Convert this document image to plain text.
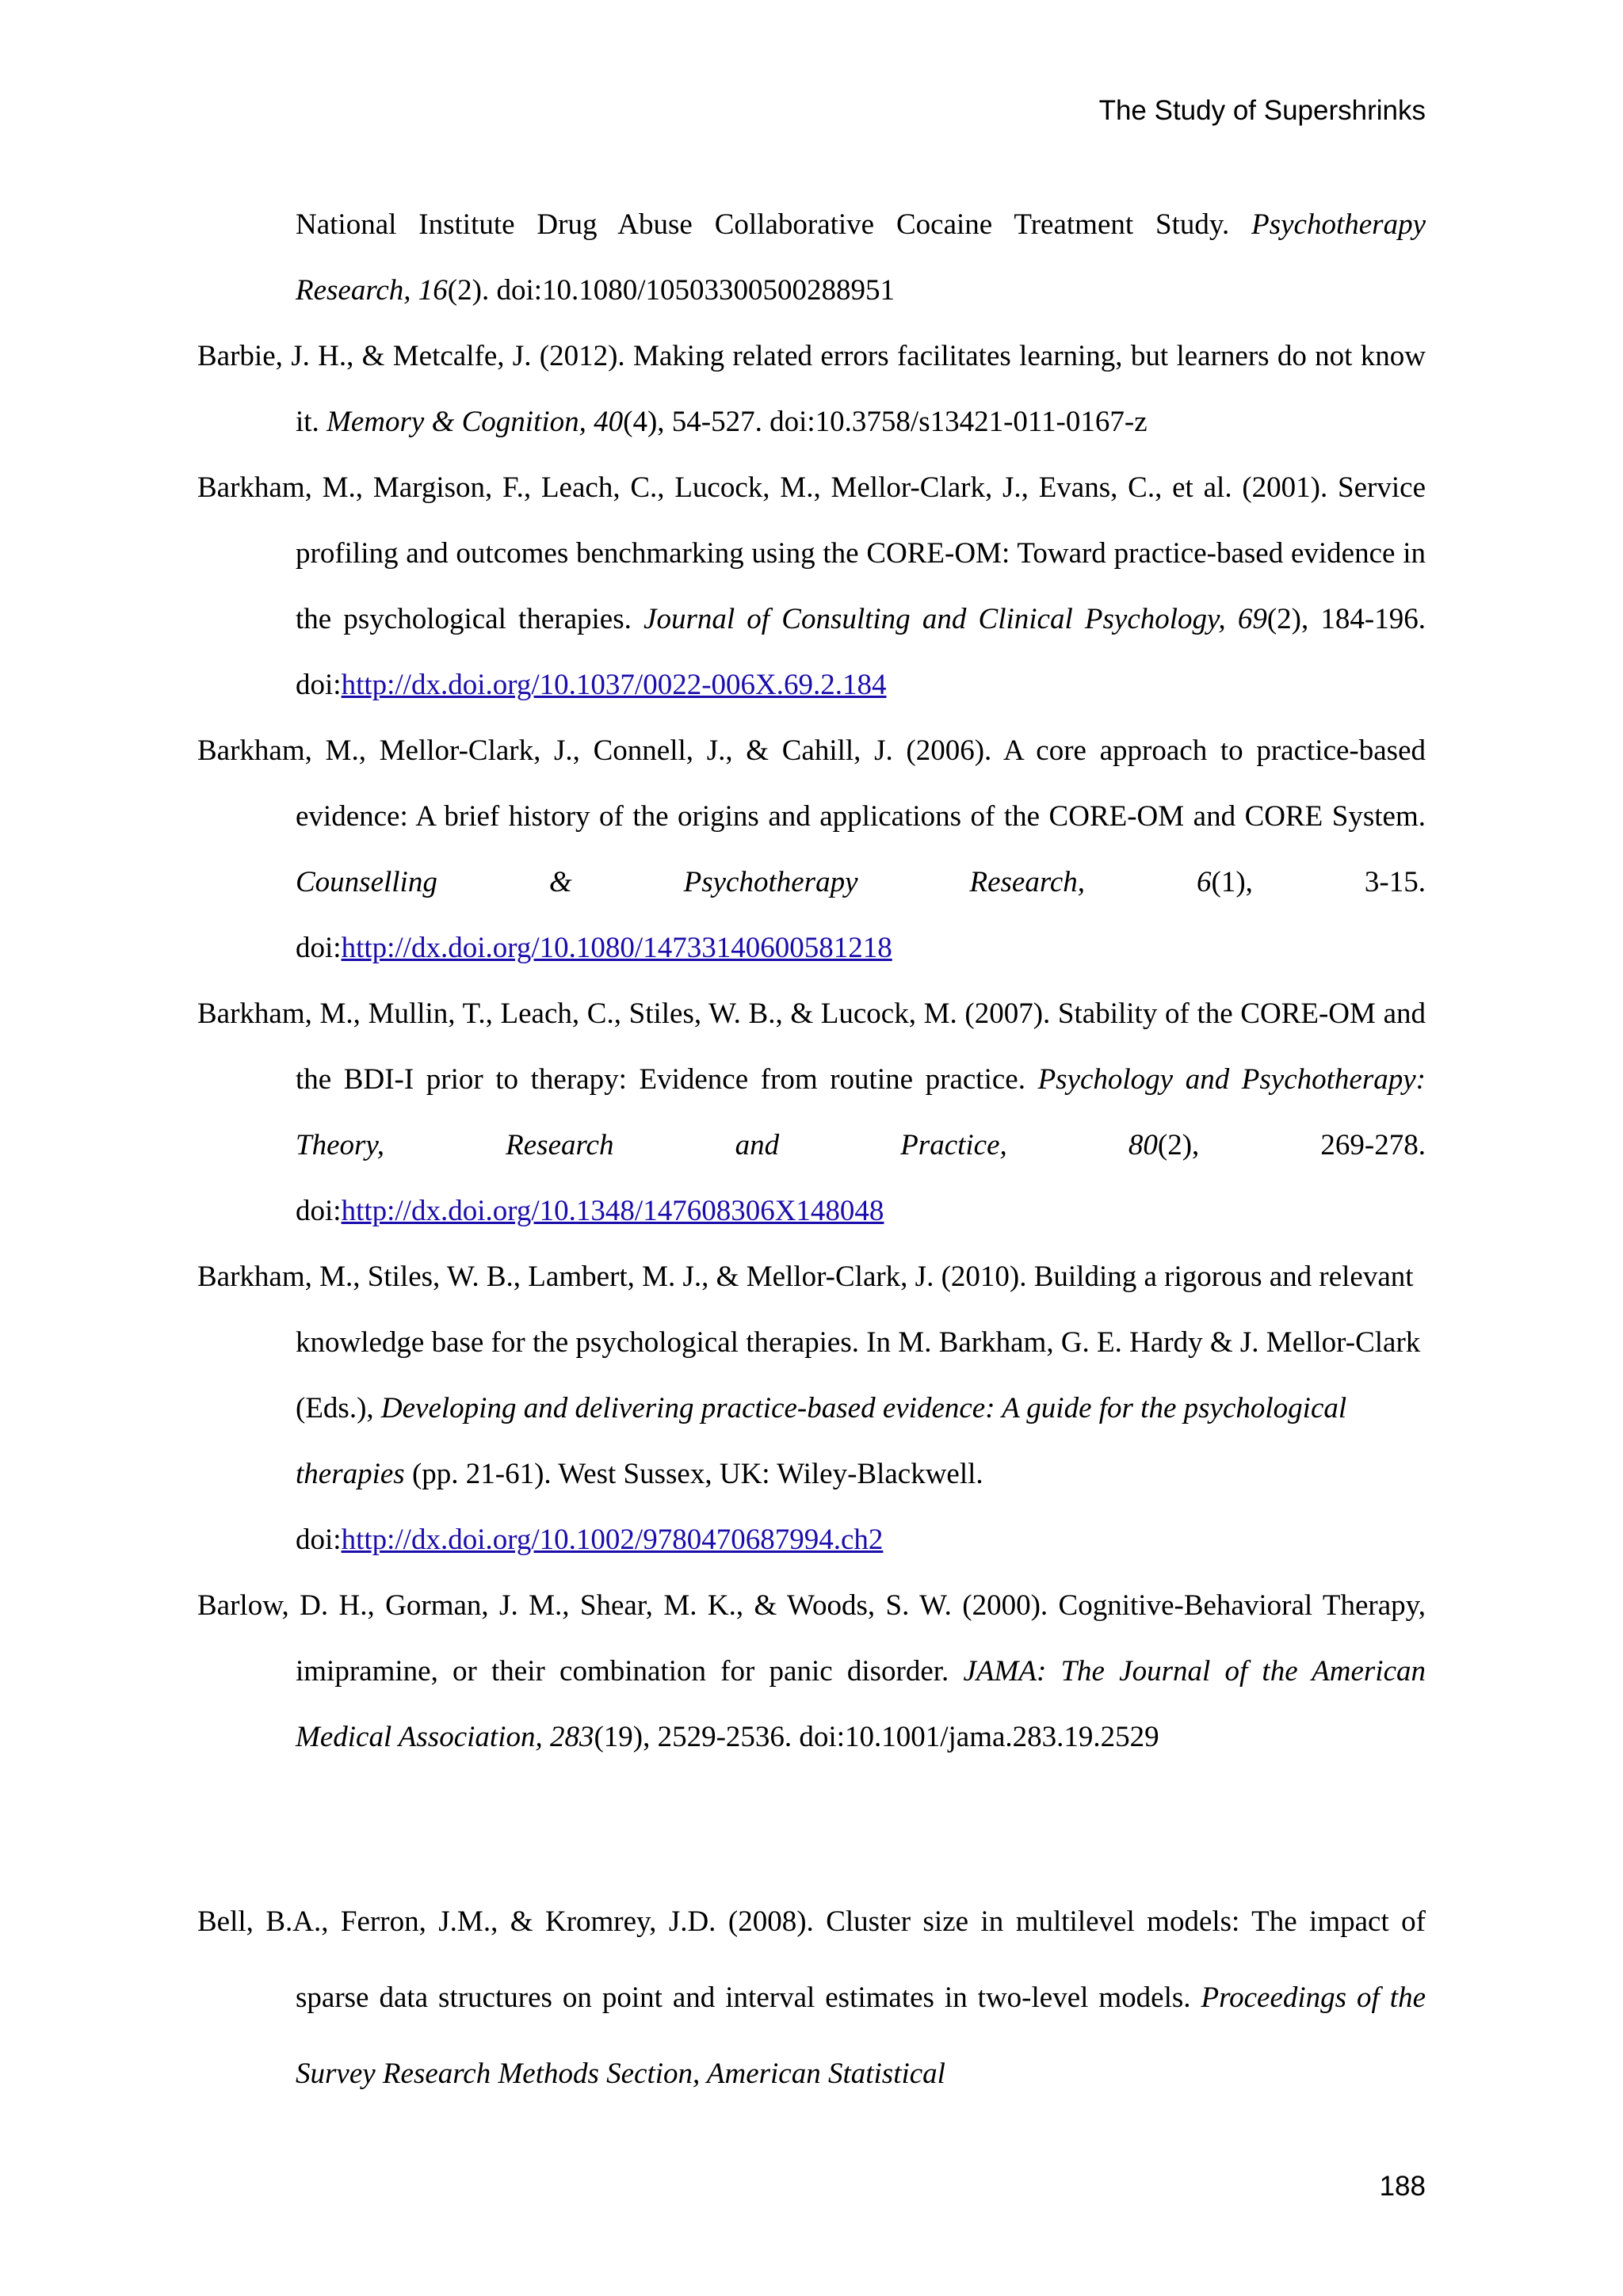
The Study of Supershrinks

National Institute Drug Abuse Collaborative Cocaine Treatment Study. Psychotherapy Research, 16(2). doi:10.1080/10503300500288951

Barbie, J. H., & Metcalfe, J. (2012). Making related errors facilitates learning, but learners do not know it. Memory & Cognition, 40(4), 54-527. doi:10.3758/s13421-011-0167-z

Barkham, M., Margison, F., Leach, C., Lucock, M., Mellor-Clark, J., Evans, C., et al. (2001). Service profiling and outcomes benchmarking using the CORE-OM: Toward practice-based evidence in the psychological therapies. Journal of Consulting and Clinical Psychology, 69(2), 184-196. doi:http://dx.doi.org/10.1037/0022-006X.69.2.184

Barkham, M., Mellor-Clark, J., Connell, J., & Cahill, J. (2006). A core approach to practice-based evidence: A brief history of the origins and applications of the CORE-OM and CORE System. Counselling & Psychotherapy Research, 6(1), 3-15. doi:http://dx.doi.org/10.1080/14733140600581218

Barkham, M., Mullin, T., Leach, C., Stiles, W. B., & Lucock, M. (2007). Stability of the CORE-OM and the BDI-I prior to therapy: Evidence from routine practice. Psychology and Psychotherapy: Theory, Research and Practice, 80(2), 269-278. doi:http://dx.doi.org/10.1348/147608306X148048

Barkham, M., Stiles, W. B., Lambert, M. J., & Mellor-Clark, J. (2010). Building a rigorous and relevant knowledge base for the psychological therapies. In M. Barkham, G. E. Hardy & J. Mellor-Clark (Eds.), Developing and delivering practice-based evidence: A guide for the psychological therapies (pp. 21-61). West Sussex, UK: Wiley-Blackwell. doi:http://dx.doi.org/10.1002/9780470687994.ch2

Barlow, D. H., Gorman, J. M., Shear, M. K., & Woods, S. W. (2000). Cognitive-Behavioral Therapy, imipramine, or their combination for panic disorder. JAMA: The Journal of the American Medical Association, 283(19), 2529-2536. doi:10.1001/jama.283.19.2529

Bell, B.A., Ferron, J.M., & Kromrey, J.D. (2008). Cluster size in multilevel models: The impact of sparse data structures on point and interval estimates in two-level models. Proceedings of the Survey Research Methods Section, American Statistical

188
